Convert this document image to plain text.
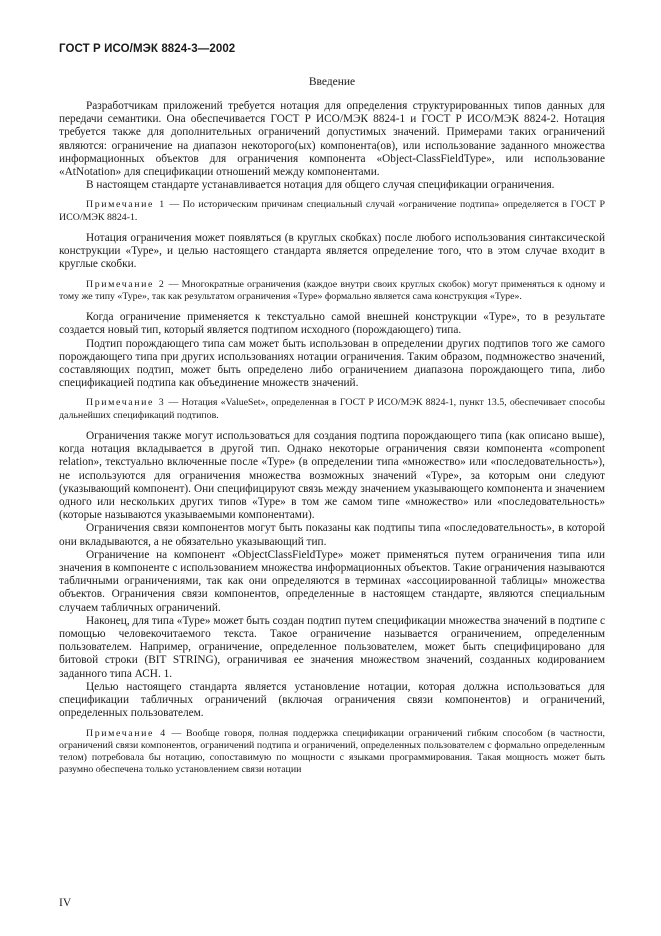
ГОСТ Р ИСО/МЭК 8824-3—2002
Введение

Разработчикам приложений требуется нотация для определения структурированных типов данных для передачи семантики. Она обеспечивается ГОСТ Р ИСО/МЭК 8824-1 и ГОСТ Р ИСО/МЭК 8824-2. Нотация требуется также для дополнительных ограничений допустимых значений. Примерами таких ограничений являются: ограничение на диапазон некоторого(ых) компонента(ов), или использование заданного множества информационных объектов для ограничения компонента «Object-ClassFieldType», или использование «AtNotation» для спецификации отношений между компонентами.

В настоящем стандарте устанавливается нотация для общего случая спецификации ограничения.

Примечание 1 — По историческим причинам специальный случай «ограничение подтипа» определяется в ГОСТ Р ИСО/МЭК 8824-1.

Нотация ограничения может появляться (в круглых скобках) после любого использования синтаксической конструкции «Type», и целью настоящего стандарта является определение того, что в этом случае входит в круглые скобки.

Примечание 2 — Многократные ограничения (каждое внутри своих круглых скобок) могут применяться к одному и тому же типу «Type», так как результатом ограничения «Type» формально является сама конструкция «Type».

Когда ограничение применяется к текстуально самой внешней конструкции «Type», то в результате создается новый тип, который является подтипом исходного (порождающего) типа.

Подтип порождающего типа сам может быть использован в определении других подтипов того же самого порождающего типа при других использованиях нотации ограничения. Таким образом, подмножество значений, составляющих подтип, может быть определено либо ограничением диапазона порождающего типа, либо спецификацией подтипа как объединение множеств значений.

Примечание 3 — Нотация «ValueSet», определенная в ГОСТ Р ИСО/МЭК 8824-1, пункт 13.5, обеспечивает способы дальнейших спецификаций подтипов.

Ограничения также могут использоваться для создания подтипа порождающего типа (как описано выше), когда нотация вкладывается в другой тип. Однако некоторые ограничения связи компонента «component relation», текстуально включенные после «Type» (в определении типа «множество» или «последовательность»), не используются для ограничения множества возможных значений «Type», за которым они следуют (указывающий компонент). Они специфицируют связь между значением указывающего компонента и значением одного или нескольких других типов «Type» в том же самом типе «множество» или «последовательность» (которые называются указываемыми компонентами).

Ограничения связи компонентов могут быть показаны как подтипы типа «последовательность», в которой они вкладываются, а не обязательно указывающий тип.

Ограничение на компонент «ObjectClassFieldType» может применяться путем ограничения типа или значения в компоненте с использованием множества информационных объектов. Такие ограничения называются табличными ограничениями, так как они определяются в терминах «ассоциированной таблицы» множества объектов. Ограничения связи компонентов, определенные в настоящем стандарте, являются специальным случаем табличных ограничений.

Наконец, для типа «Type» может быть создан подтип путем спецификации множества значений в подтипе с помощью человекочитаемого текста. Такое ограничение называется ограничением, определенным пользователем. Например, ограничение, определенное пользователем, может быть специфицировано для битовой строки (BIT STRING), ограничивая ее значения множеством значений, созданных кодированием заданного типа АСН. 1.

Целью настоящего стандарта является установление нотации, которая должна использоваться для спецификации табличных ограничений (включая ограничения связи компонентов) и ограничений, определенных пользователем.

Примечание 4 — Вообще говоря, полная поддержка спецификации ограничений гибким способом (в частности, ограничений связи компонентов, ограничений подтипа и ограничений, определенных пользователем с формально определенным телом) потребовала бы нотацию, сопоставимую по мощности с языками программирования. Такая мощность может быть разумно обеспечена только установлением связи нотации

IV
